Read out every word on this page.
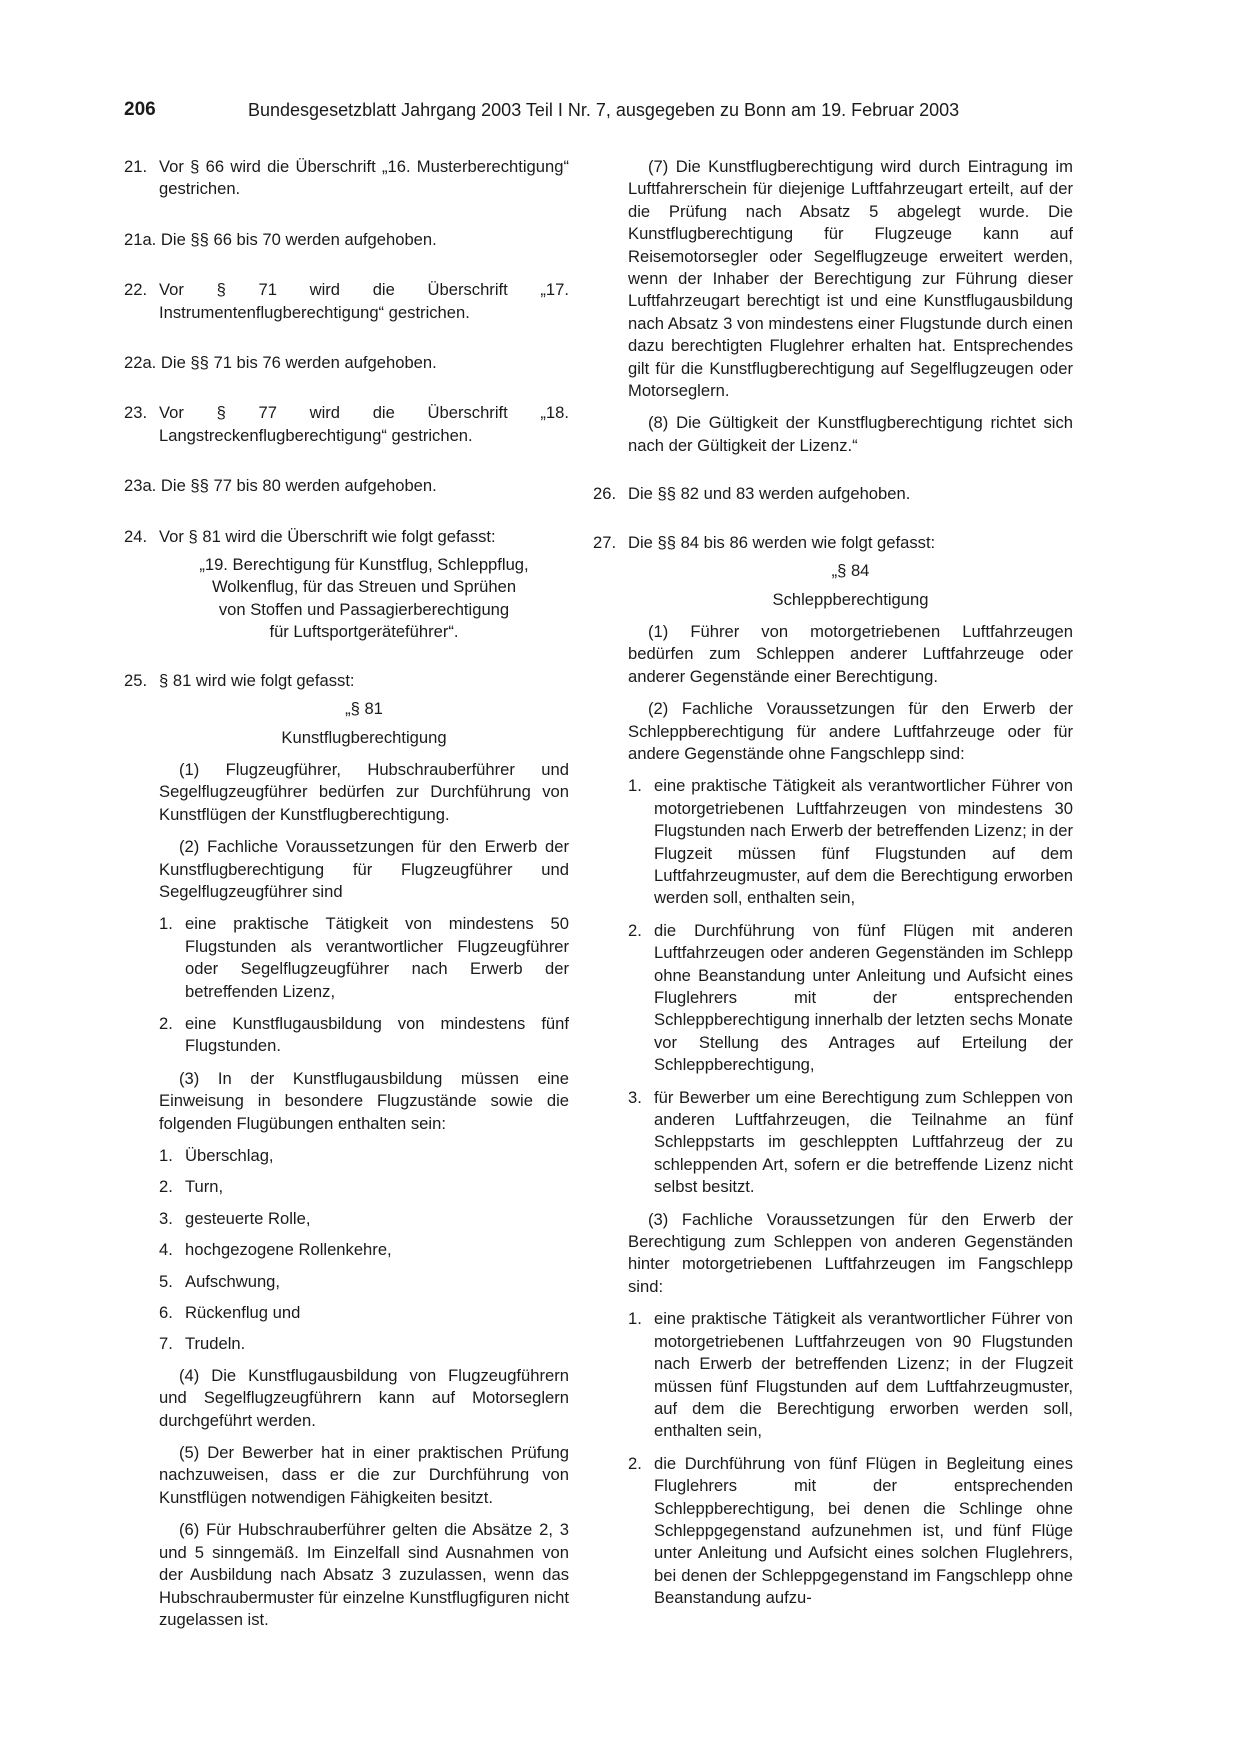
206	Bundesgesetzblatt Jahrgang 2003 Teil I Nr. 7, ausgegeben zu Bonn am 19. Februar 2003
21. Vor § 66 wird die Überschrift „16. Musterberechtigung“ gestrichen.
21a. Die §§ 66 bis 70 werden aufgehoben.
22. Vor § 71 wird die Überschrift „17. Instrumentenflugberechtigung“ gestrichen.
22a. Die §§ 71 bis 76 werden aufgehoben.
23. Vor § 77 wird die Überschrift „18. Langstreckenflugberechtigung“ gestrichen.
23a. Die §§ 77 bis 80 werden aufgehoben.
24. Vor § 81 wird die Überschrift wie folgt gefasst:
„19. Berechtigung für Kunstflug, Schleppflug,
Wolkenflug, für das Streuen und Sprühen
von Stoffen und Passagierberechtigung
für Luftsportgeräteführer“.
25. § 81 wird wie folgt gefasst:
„§ 81
Kunstflugberechtigung

(1) Flugzeugführer, Hubschrauberführer und Segelflugzeugführer bedürfen zur Durchführung von Kunstflügen der Kunstflugberechtigung.

(2) Fachliche Voraussetzungen für den Erwerb der Kunstflugberechtigung für Flugzeugführer und Segelflugzeugführer sind

1. eine praktische Tätigkeit von mindestens 50 Flugstunden als verantwortlicher Flugzeugführer oder Segelflugzeugführer nach Erwerb der betreffenden Lizenz,
2. eine Kunstflugausbildung von mindestens fünf Flugstunden.

(3) In der Kunstflugausbildung müssen eine Einweisung in besondere Flugzustände sowie die folgenden Flugübungen enthalten sein:

1. Überschlag,
2. Turn,
3. gesteuerte Rolle,
4. hochgezogene Rollenkehre,
5. Aufschwung,
6. Rückenflug und
7. Trudeln.

(4) Die Kunstflugausbildung von Flugzeugführern und Segelflugzeugführern kann auf Motorseglern durchgeführt werden.

(5) Der Bewerber hat in einer praktischen Prüfung nachzuweisen, dass er die zur Durchführung von Kunstflügen notwendigen Fähigkeiten besitzt.

(6) Für Hubschrauberführer gelten die Absätze 2, 3 und 5 sinngemäß. Im Einzelfall sind Ausnahmen von der Ausbildung nach Absatz 3 zuzulassen, wenn das Hubschraubermuster für einzelne Kunstflugfiguren nicht zugelassen ist.

(7) Die Kunstflugberechtigung wird durch Eintragung im Luftfahrerschein für diejenige Luftfahrzeugart erteilt, auf der die Prüfung nach Absatz 5 abgelegt wurde. Die Kunstflugberechtigung für Flugzeuge kann auf Reisemotorsegler oder Segelflugzeuge erweitert werden, wenn der Inhaber der Berechtigung zur Führung dieser Luftfahrzeugart berechtigt ist und eine Kunstflugausbildung nach Absatz 3 von mindestens einer Flugstunde durch einen dazu berechtigten Fluglehrer erhalten hat. Entsprechendes gilt für die Kunstflugberechtigung auf Segelflugzeugen oder Motorseglern.

(8) Die Gültigkeit der Kunstflugberechtigung richtet sich nach der Gültigkeit der Lizenz.“

26. Die §§ 82 und 83 werden aufgehoben.
27. Die §§ 84 bis 86 werden wie folgt gefasst:
„§ 84
Schleppberechtigung

(1) Führer von motorgetriebenen Luftfahrzeugen bedürfen zum Schleppen anderer Luftfahrzeuge oder anderer Gegenstände einer Berechtigung.

(2) Fachliche Voraussetzungen für den Erwerb der Schleppberechtigung für andere Luftfahrzeuge oder für andere Gegenstände ohne Fangschlepp sind:

1. eine praktische Tätigkeit als verantwortlicher Führer von motorgetriebenen Luftfahrzeugen von mindestens 30 Flugstunden nach Erwerb der betreffenden Lizenz; in der Flugzeit müssen fünf Flugstunden auf dem Luftfahrzeugmuster, auf dem die Berechtigung erworben werden soll, enthalten sein,
2. die Durchführung von fünf Flügen mit anderen Luftfahrzeugen oder anderen Gegenständen im Schlepp ohne Beanstandung unter Anleitung und Aufsicht eines Fluglehrers mit der entsprechenden Schleppberechtigung innerhalb der letzten sechs Monate vor Stellung des Antrages auf Erteilung der Schleppberechtigung,
3. für Bewerber um eine Berechtigung zum Schleppen von anderen Luftfahrzeugen, die Teilnahme an fünf Schleppstarts im geschleppten Luftfahrzeug der zu schleppenden Art, sofern er die betreffende Lizenz nicht selbst besitzt.

(3) Fachliche Voraussetzungen für den Erwerb der Berechtigung zum Schleppen von anderen Gegenständen hinter motorgetriebenen Luftfahrzeugen im Fangschlepp sind:

1. eine praktische Tätigkeit als verantwortlicher Führer von motorgetriebenen Luftfahrzeugen von 90 Flugstunden nach Erwerb der betreffenden Lizenz; in der Flugzeit müssen fünf Flugstunden auf dem Luftfahrzeugmuster, auf dem die Berechtigung erworben werden soll, enthalten sein,
2. die Durchführung von fünf Flügen in Begleitung eines Fluglehrers mit der entsprechenden Schleppberechtigung, bei denen die Schlinge ohne Schleppgegenstand aufzunehmen ist, und fünf Flüge unter Anleitung und Aufsicht eines solchen Fluglehrers, bei denen der Schleppgegenstand im Fangschlepp ohne Beanstandung aufzu-
